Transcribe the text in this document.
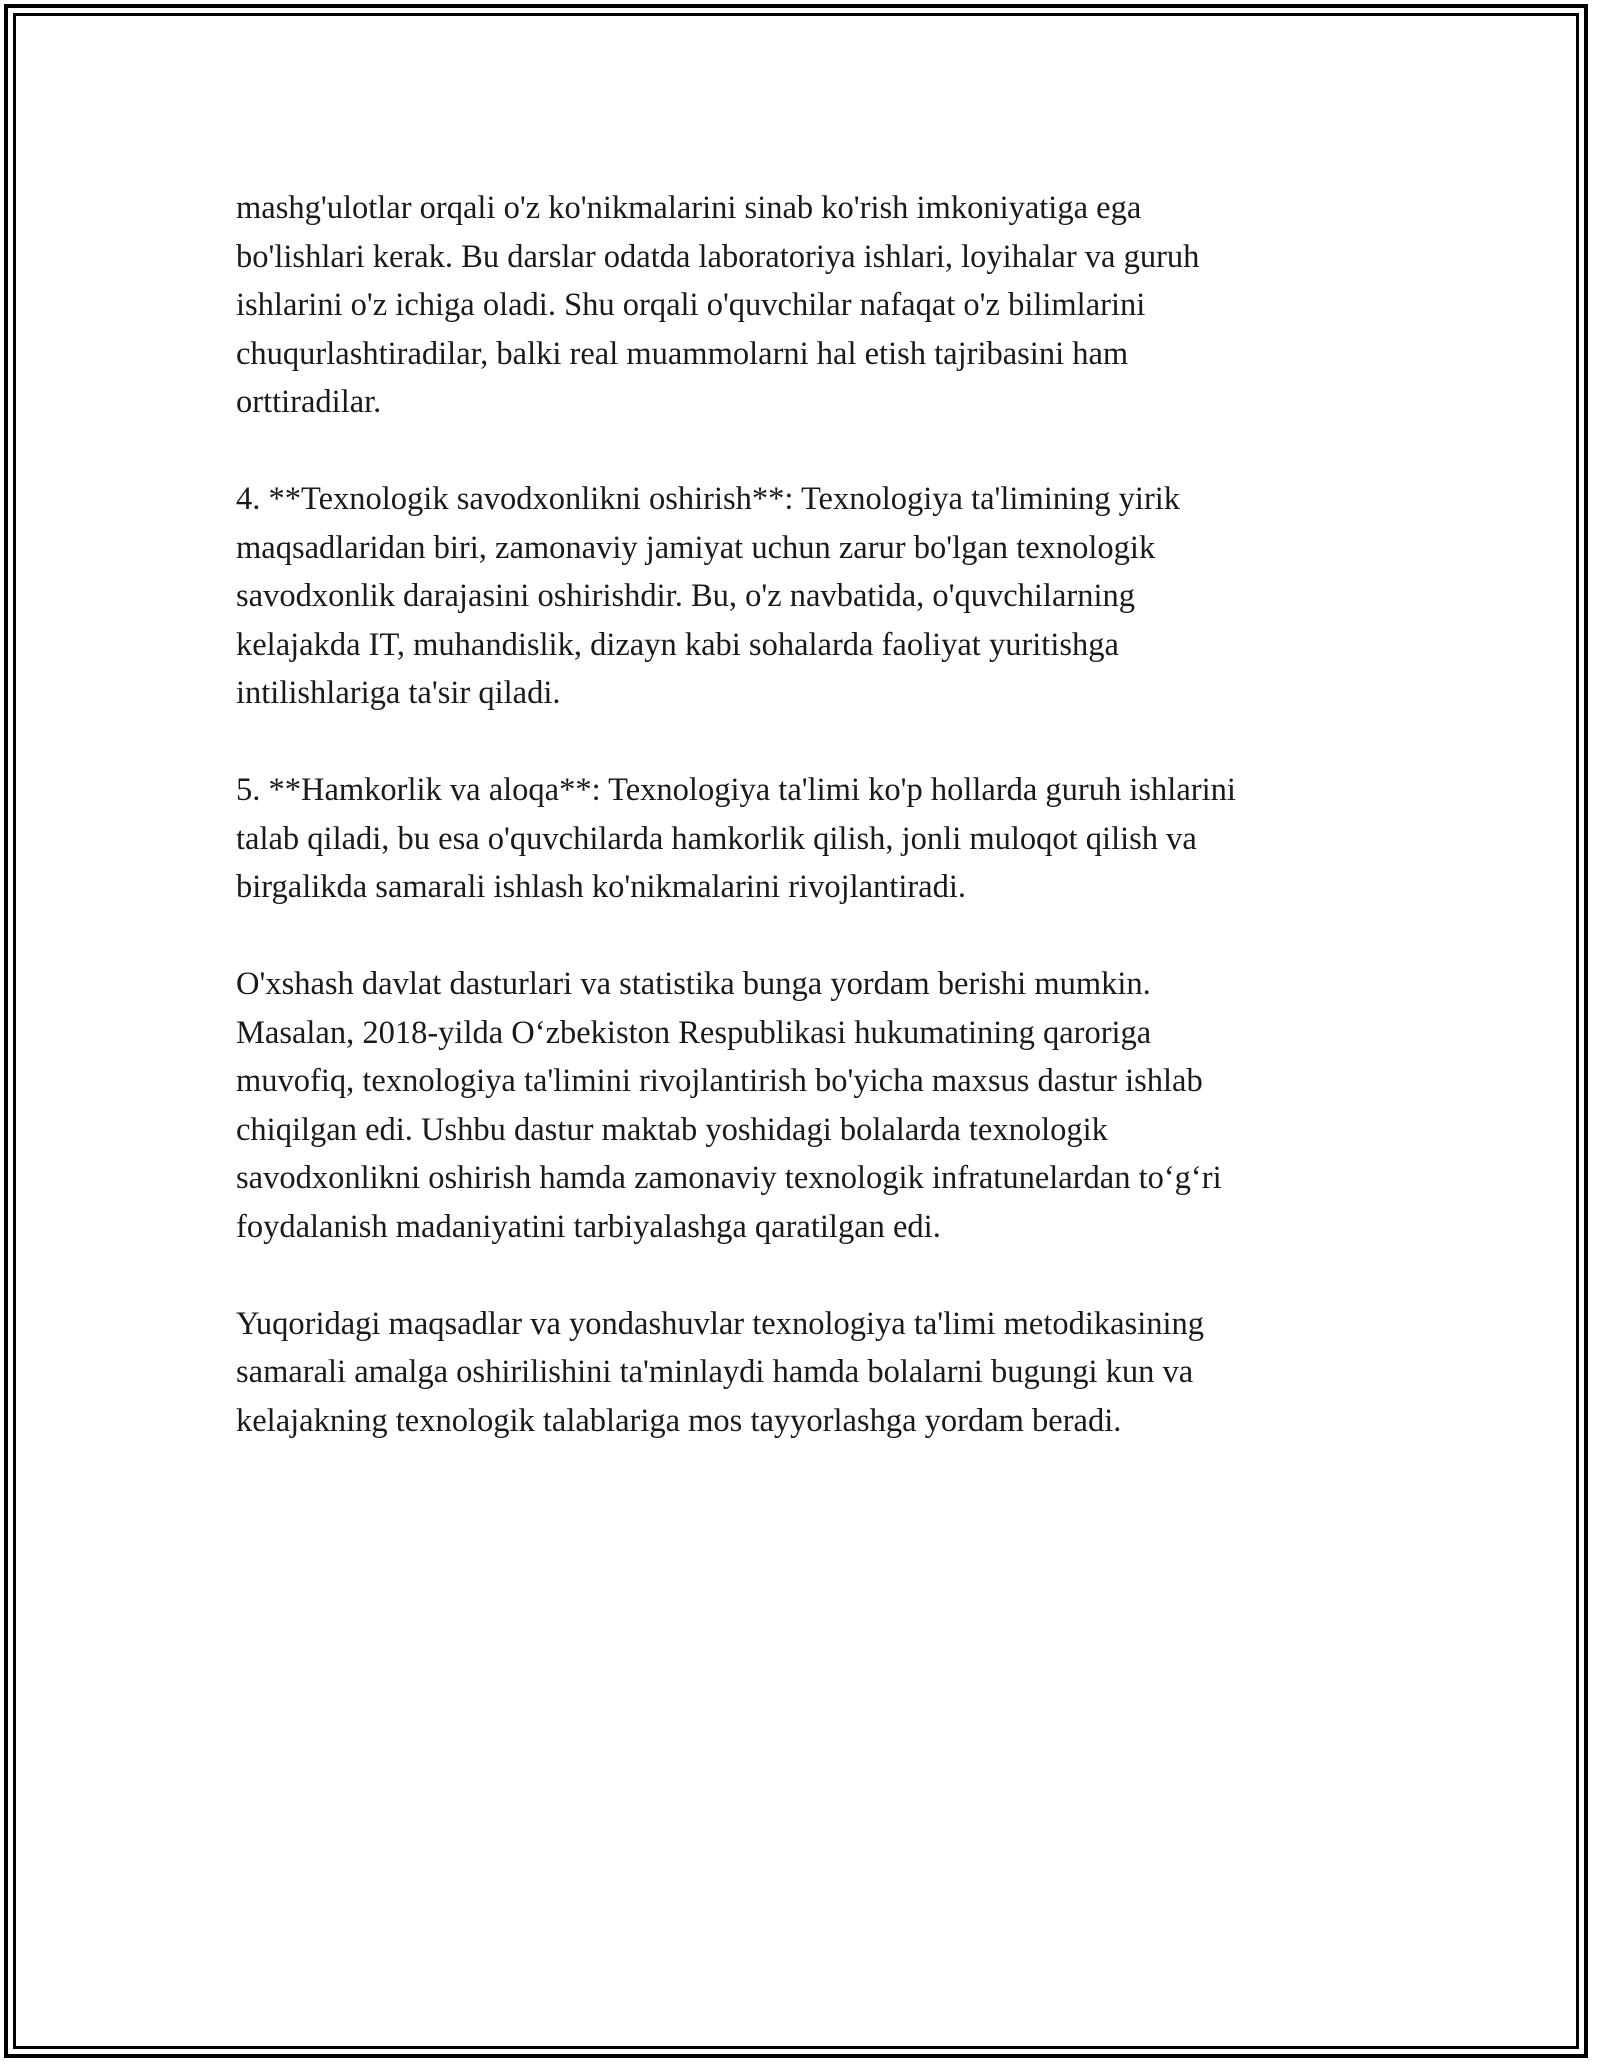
mashg'ulotlar orqali o'z ko'nikmalarini sinab ko'rish imkoniyatiga ega
bo'lishlari kerak. Bu darslar odatda laboratoriya ishlari, loyihalar va guruh
ishlarini o'z ichiga oladi. Shu orqali o'quvchilar nafaqat o'z bilimlarini
chuqurlashtiradilar, balki real muammolarni hal etish tajribasini ham
orttiradilar.

4. **Texnologik savodxonlikni oshirish**: Texnologiya ta'limining yirik
maqsadlaridan biri, zamonaviy jamiyat uchun zarur bo'lgan texnologik
savodxonlik darajasini oshirishdir. Bu, o'z navbatida, o'quvchilarning
kelajakda IT, muhandislik, dizayn kabi sohalarda faoliyat yuritishga
intilishlariga ta'sir qiladi.

5. **Hamkorlik va aloqa**: Texnologiya ta'limi ko'p hollarda guruh ishlarini
talab qiladi, bu esa o'quvchilarda hamkorlik qilish, jonli muloqot qilish va
birgalikda samarali ishlash ko'nikmalarini rivojlantiradi.

O'xshash davlat dasturlari va statistika bunga yordam berishi mumkin.
Masalan, 2018-yilda O‘zbekiston Respublikasi hukumatining qaroriga
muvofiq, texnologiya ta'limini rivojlantirish bo'yicha maxsus dastur ishlab
chiqilgan edi. Ushbu dastur maktab yoshidagi bolalarda texnologik
savodxonlikni oshirish hamda zamonaviy texnologik infratunelardan to‘g‘ri
foydalanish madaniyatini tarbiyalashga qaratilgan edi.

Yuqoridagi maqsadlar va yondashuvlar texnologiya ta'limi metodikasining
samarali amalga oshirilishini ta'minlaydi hamda bolalarni bugungi kun va
kelajakning texnologik talablariga mos tayyorlashga yordam beradi.
